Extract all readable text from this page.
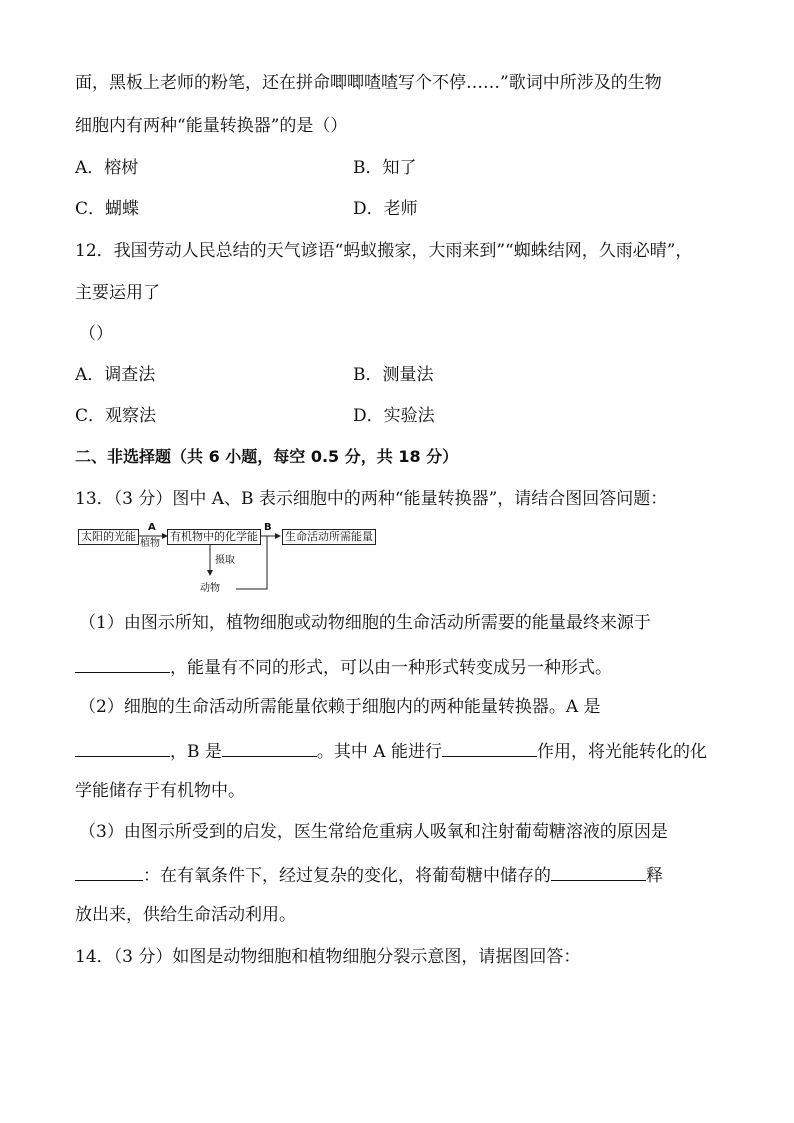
面，黑板上老师的粉笔，还在拼命唧唧喳喳写个不停……”歌词中所涉及的生物
细胞内有两种“能量转换器”的是（）
A．榕树	B．知了
C．蝴蝶	D．老师
12．我国劳动人民总结的天气谚语“蚂蚁搬家，大雨来到”“蜘蛛结网，久雨必晴”，
主要运用了
（）
A．调查法	B．测量法
C．观察法	D．实验法
二、非选择题（共 6 小题，每空 0.5 分，共 18 分）
13．（3 分）图中 A、B 表示细胞中的两种“能量转换器”，请结合图回答问题：
太阳的光能	有机物中的化学能 生命活动所需能量
A
植物
B
摄取
动物
（1）由图示所知，植物细胞或动物细胞的生命活动所需要的能量最终来源于
，能量有不同的形式，可以由一种形式转变成另一种形式。
（2）细胞的生命活动所需能量依赖于细胞内的两种能量转换器。A 是
，B 是	。其中 A 能进行	作用，将光能转化的化
学能储存于有机物中。
（3）由图示所受到的启发，医生常给危重病人吸氧和注射葡萄糖溶液的原因是
：在有氧条件下，经过复杂的变化，将葡萄糖中储存的	释
放出来，供给生命活动利用。
14．（3 分）如图是动物细胞和植物细胞分裂示意图，请据图回答：
